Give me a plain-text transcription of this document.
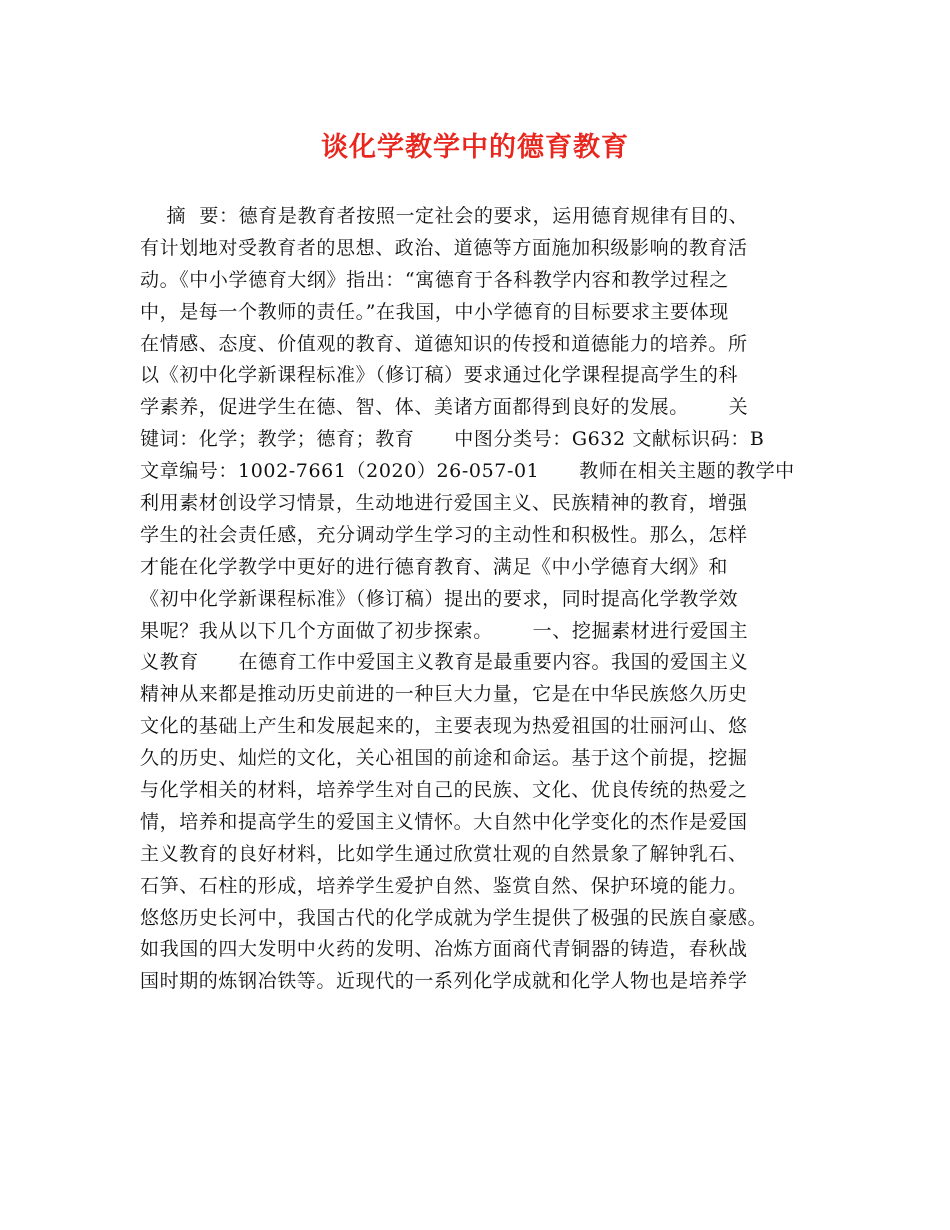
谈化学教学中的德育教育

摘  要：德育是教育者按照一定社会的要求，运用德育规律有目的、

有计划地对受教育者的思想、政治、道德等方面施加积级影响的教育活

动。《中小学德育大纲》指出：“寓德育于各科教学内容和教学过程之

中，是每一个教师的责任。”在我国，中小学德育的目标要求主要体现

在情感、态度、价值观的教育、道德知识的传授和道德能力的培养。所

以《初中化学新课程标准》（修订稿）要求通过化学课程提高学生的科

学素养，促进学生在德、智、体、美诸方面都得到良好的发展。      关

键词：化学；教学；德育；教育      中图分类号：G632 文献标识码：B

文章编号：1002-7661（2020）26-057-01      教师在相关主题的教学中

利用素材创设学习情景，生动地进行爱国主义、民族精神的教育，增强

学生的社会责任感，充分调动学生学习的主动性和积极性。那么，怎样

才能在化学教学中更好的进行德育教育、满足《中小学德育大纲》和

《初中化学新课程标准》（修订稿）提出的要求，同时提高化学教学效

果呢？我从以下几个方面做了初步探索。      一、挖掘素材进行爱国主

义教育      在德育工作中爱国主义教育是最重要内容。我国的爱国主义

精神从来都是推动历史前进的一种巨大力量，它是在中华民族悠久历史

文化的基础上产生和发展起来的，主要表现为热爱祖国的壮丽河山、悠

久的历史、灿烂的文化，关心祖国的前途和命运。基于这个前提，挖掘

与化学相关的材料，培养学生对自己的民族、文化、优良传统的热爱之

情，培养和提高学生的爱国主义情怀。大自然中化学变化的杰作是爱国

主义教育的良好材料，比如学生通过欣赏壮观的自然景象了解钟乳石、

石笋、石柱的形成，培养学生爱护自然、鉴赏自然、保护环境的能力。

悠悠历史长河中，我国古代的化学成就为学生提供了极强的民族自豪感。

如我国的四大发明中火药的发明、冶炼方面商代青铜器的铸造，春秋战

国时期的炼钢冶铁等。近现代的一系列化学成就和化学人物也是培养学
